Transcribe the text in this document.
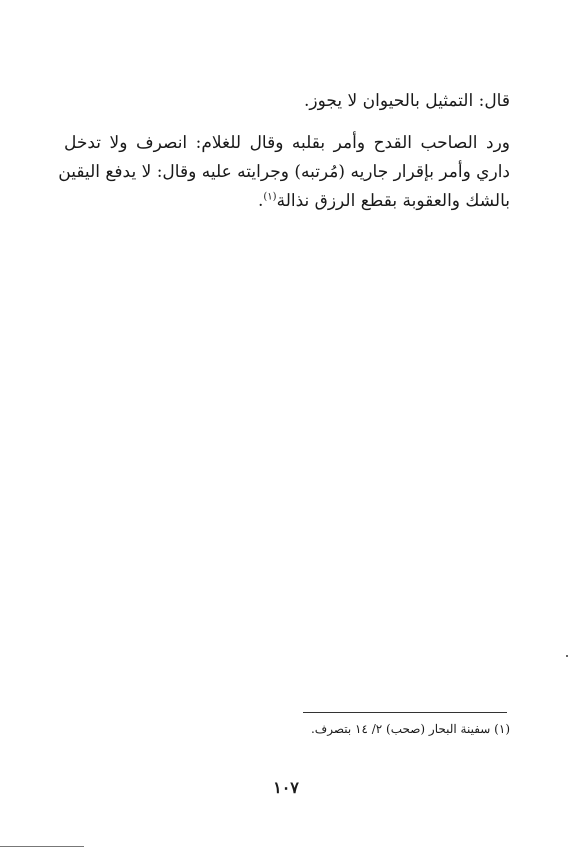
قال: التمثيل بالحيوان لا يجوز.
ورد الصاحب القدح وأمر بقلبه وقال للغلام: انصرف ولا تدخل
داري وأمر بإقرار جاريه (مُرتبه) وجرايته عليه وقال: لا يدفع اليقين
بالشك والعقوبة بقطع الرزق نذالة$^{(١)}$.
(١) سفينة البحار (صحب) ٢/ ١٤ بتصرف.
١٠٧
